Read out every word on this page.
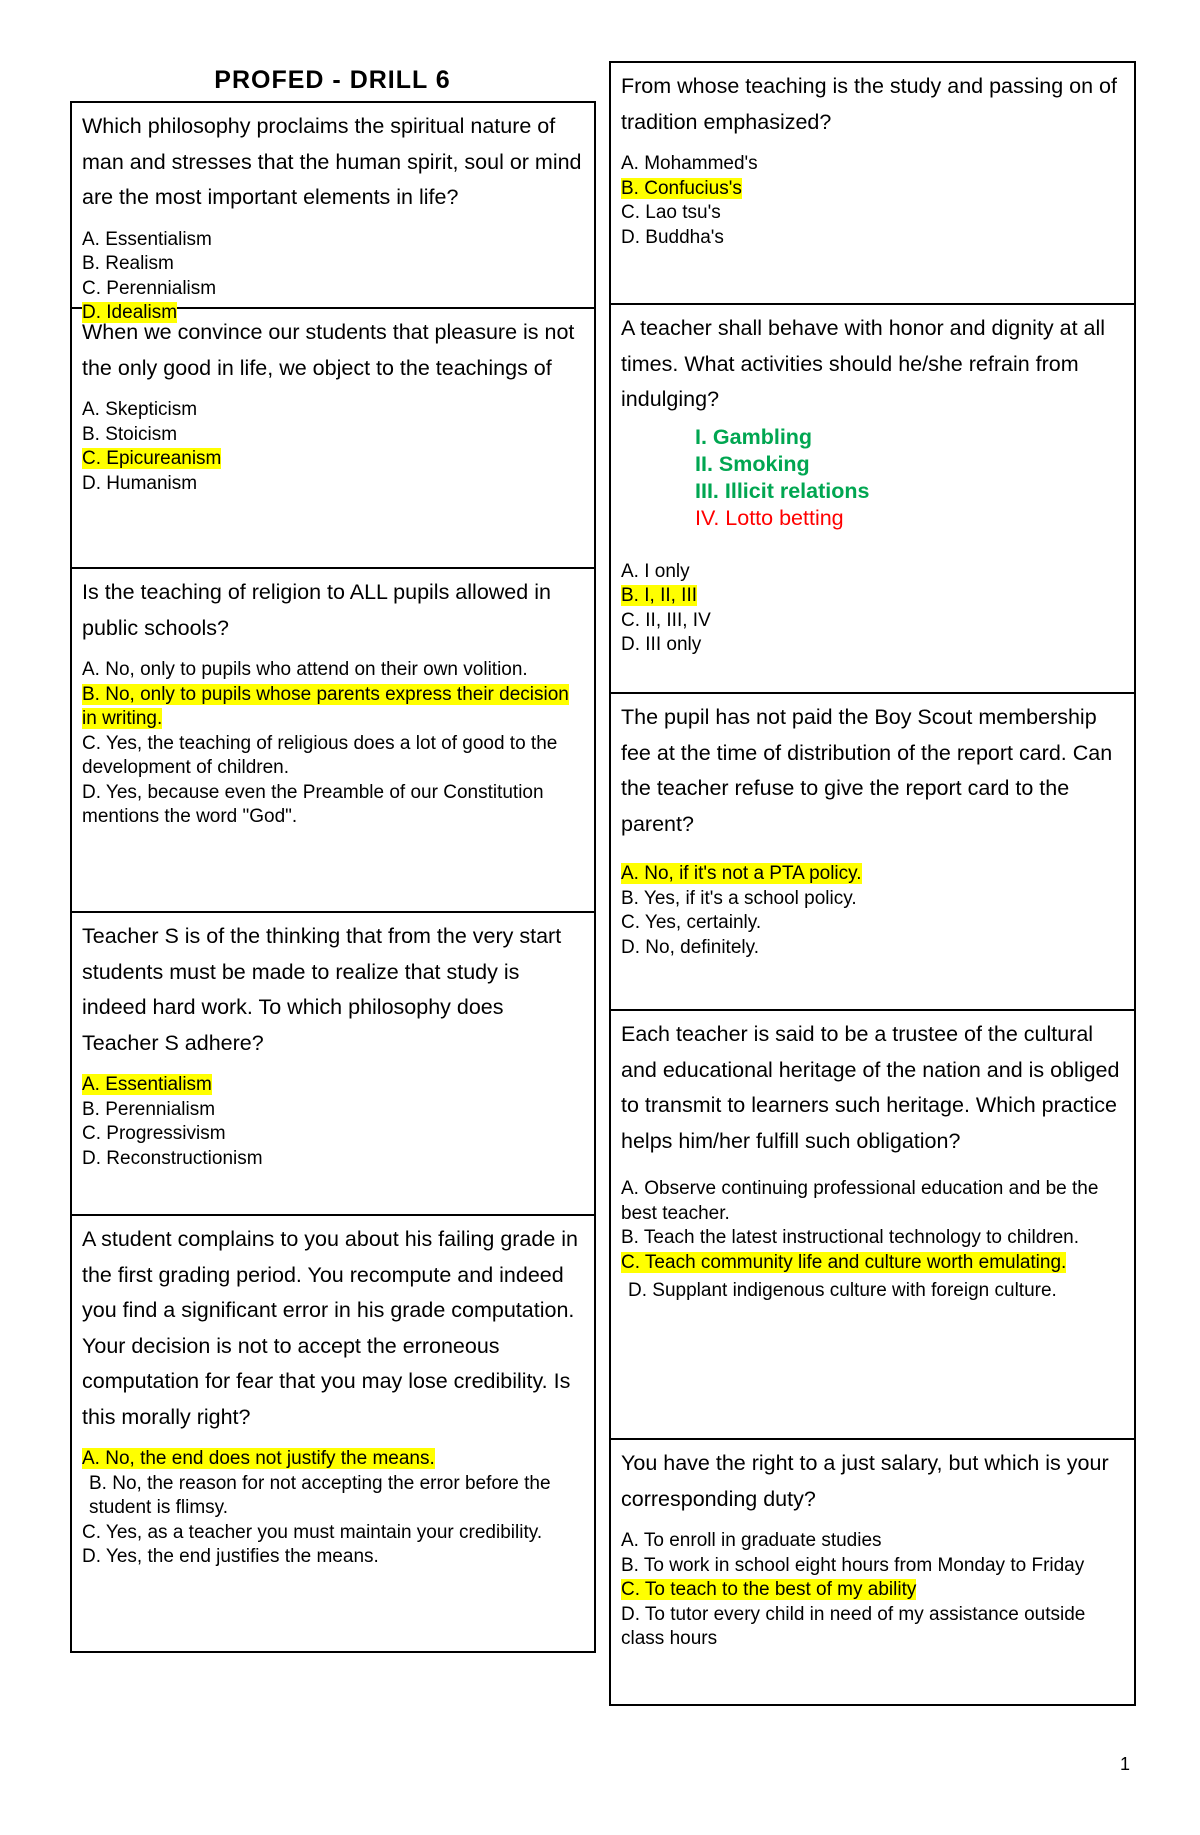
PROFED - DRILL 6

Which philosophy proclaims the spiritual nature of man and stresses that the human spirit, soul or mind are the most important elements in life?

A. Essentialism
B. Realism
C. Perennialism
D. Idealism

When we convince our students that pleasure is not the only good in life, we object to the teachings of

A. Skepticism
B. Stoicism
C. Epicureanism
D. Humanism

Is the teaching of religion to ALL pupils allowed in public schools?

A. No, only to pupils who attend on their own volition.
B. No, only to pupils whose parents express their decision in writing.
C. Yes, the teaching of religious does a lot of good to the development of children.
D. Yes, because even the Preamble of our Constitution mentions the word "God".

Teacher S is of the thinking that from the very start students must be made to realize that study is indeed hard work. To which philosophy does Teacher S adhere?

A. Essentialism
B. Perennialism
C. Progressivism
D. Reconstructionism

A student complains to you about his failing grade in the first grading period. You recompute and indeed you find a significant error in his grade computation. Your decision is not to accept the erroneous computation for fear that you may lose credibility. Is this morally right?

A. No, the end does not justify the means.
B. No, the reason for not accepting the error before the student is flimsy.
C. Yes, as a teacher you must maintain your credibility.
D. Yes, the end justifies the means.

From whose teaching is the study and passing on of tradition emphasized?

A. Mohammed's
B. Confucius's
C. Lao tsu's
D. Buddha's

A teacher shall behave with honor and dignity at all times. What activities should he/she refrain from indulging?

I. Gambling
II. Smoking
III. Illicit relations
IV. Lotto betting
A. I only
B. I, II, III
C. II, III, IV
D. III only

The pupil has not paid the Boy Scout membership fee at the time of distribution of the report card. Can the teacher refuse to give the report card to the parent?

A. No, if it's not a PTA policy.
B. Yes, if it's a school policy.
C. Yes, certainly.
D. No, definitely.

Each teacher is said to be a trustee of the cultural and educational heritage of the nation and is obliged to transmit to learners such heritage. Which practice helps him/her fulfill such obligation?

A. Observe continuing professional education and be the best teacher.
B. Teach the latest instructional technology to children.
C. Teach community life and culture worth emulating.
D. Supplant indigenous culture with foreign culture.

You have the right to a just salary, but which is your corresponding duty?

A. To enroll in graduate studies
B. To work in school eight hours from Monday to Friday
C. To teach to the best of my ability
D. To tutor every child in need of my assistance outside class hours
1
